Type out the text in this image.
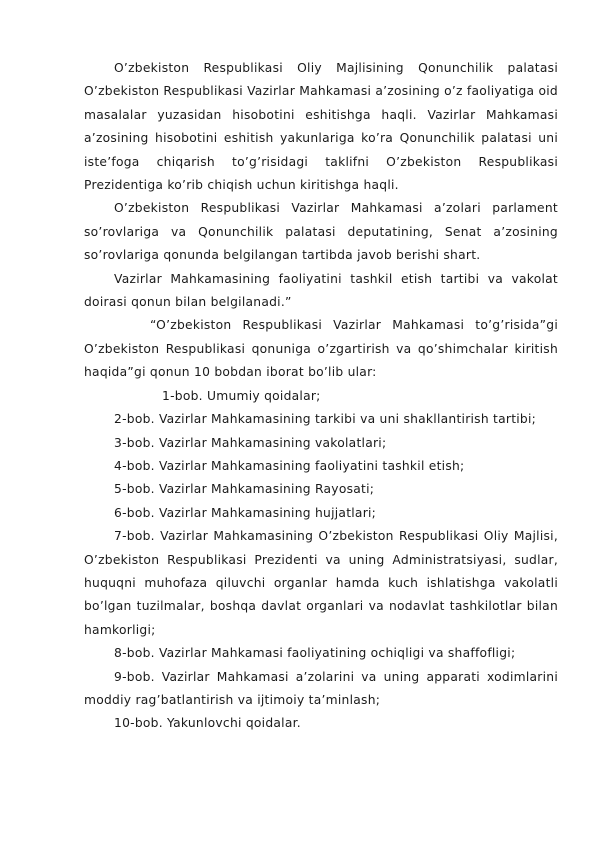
O’zbekiston Respublikasi Oliy Majlisining Qonunchilik palatasi O’zbekiston Respublikasi Vazirlar Mahkamasi a’zosining o’z faoliyatiga oid masalalar yuzasidan hisobotini eshitishga haqli. Vazirlar Mahkamasi a’zosining hisobotini eshitish yakunlariga ko’ra Qonunchilik palatasi uni iste’foga chiqarish to’g’risidagi taklifni O’zbekiston Respublikasi Prezidentiga ko’rib chiqish uchun kiritishga haqli.

O’zbekiston Respublikasi Vazirlar Mahkamasi a’zolari parlament so’rovlariga va Qonunchilik palatasi deputatining, Senat a’zosining so’rovlariga qonunda belgilangan tartibda javob berishi shart.

Vazirlar Mahkamasining faoliyatini tashkil etish tartibi va vakolat doirasi qonun bilan belgilanadi.”

“O’zbekiston Respublikasi Vazirlar Mahkamasi to’g’risida”gi O’zbekiston Respublikasi qonuniga o’zgartirish va qo’shimchalar kiritish haqida”gi qonun 10 bobdan iborat bo’lib ular:

1-bob. Umumiy qoidalar;

2-bob. Vazirlar Mahkamasining tarkibi va uni shakllantirish tartibi;

3-bob. Vazirlar Mahkamasining vakolatlari;

4-bob. Vazirlar Mahkamasining faoliyatini tashkil etish;

5-bob. Vazirlar Mahkamasining Rayosati;

6-bob. Vazirlar Mahkamasining hujjatlari;

7-bob. Vazirlar Mahkamasining O’zbekiston Respublikasi Oliy Majlisi, O’zbekiston Respublikasi Prezidenti va uning Administratsiyasi, sudlar, huquqni muhofaza qiluvchi organlar hamda kuch ishlatishga vakolatli bo’lgan tuzilmalar, boshqa davlat organlari va nodavlat tashkilotlar bilan hamkorligi;

8-bob. Vazirlar Mahkamasi faoliyatining ochiqligi va shaffofligi;

9-bob. Vazirlar Mahkamasi a’zolarini va uning apparati xodimlarini moddiy rag’batlantirish va ijtimoiy ta’minlash;

10-bob. Yakunlovchi qoidalar.
